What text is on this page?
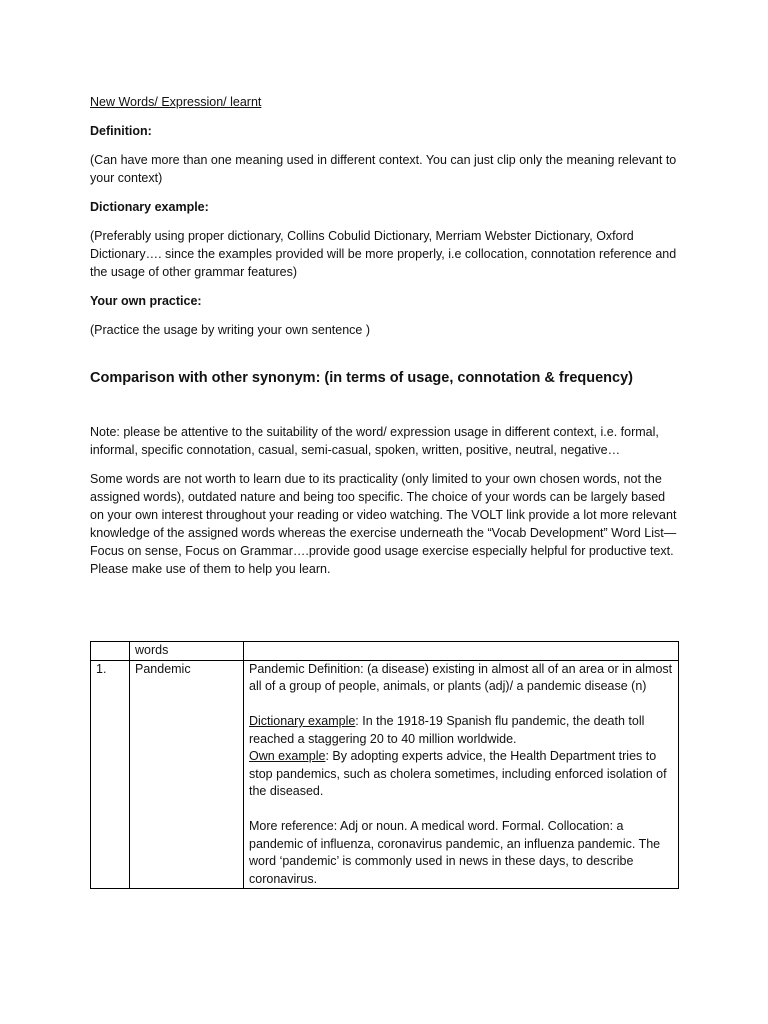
New Words/ Expression/ learnt

Definition:

(Can have more than one meaning used in different context. You can just clip only the meaning relevant to your context)

Dictionary example:

(Preferably using proper dictionary, Collins Cobulid Dictionary, Merriam Webster Dictionary, Oxford Dictionary…. since the examples provided will be more properly, i.e collocation, connotation reference and the usage of other grammar features)

Your own practice:

(Practice the usage by writing your own sentence )

Comparison with other synonym: (in terms of usage, connotation & frequency)

Note: please be attentive to the suitability of the word/ expression usage in different context, i.e. formal, informal, specific connotation, casual, semi-casual, spoken, written, positive, neutral, negative…

Some words are not worth to learn due to its practicality (only limited to your own chosen words, not the assigned words), outdated nature and being too specific. The choice of your words can be largely based on your own interest throughout your reading or video watching. The VOLT link provide a lot more relevant knowledge of the assigned words whereas the exercise underneath the “Vocab Development” Word List—Focus on sense, Focus on Grammar….provide good usage exercise especially helpful for productive text. Please make use of them to help you learn.

	words	
1.	Pandemic	Pandemic Definition: (a disease) existing in almost all of an area or in almost all of a group of people, animals, or plants (adj)/ a pandemic disease (n)
Dictionary example: In the 1918-19 Spanish flu pandemic, the death toll reached a staggering 20 to 40 million worldwide.
Own example: By adopting experts advice, the Health Department tries to stop pandemics, such as cholera sometimes, including enforced isolation of the diseased.
More reference: Adj or noun. A medical word. Formal. Collocation: a pandemic of influenza, coronavirus pandemic, an influenza pandemic. The word ‘pandemic’ is commonly used in news in these days, to describe coronavirus.
